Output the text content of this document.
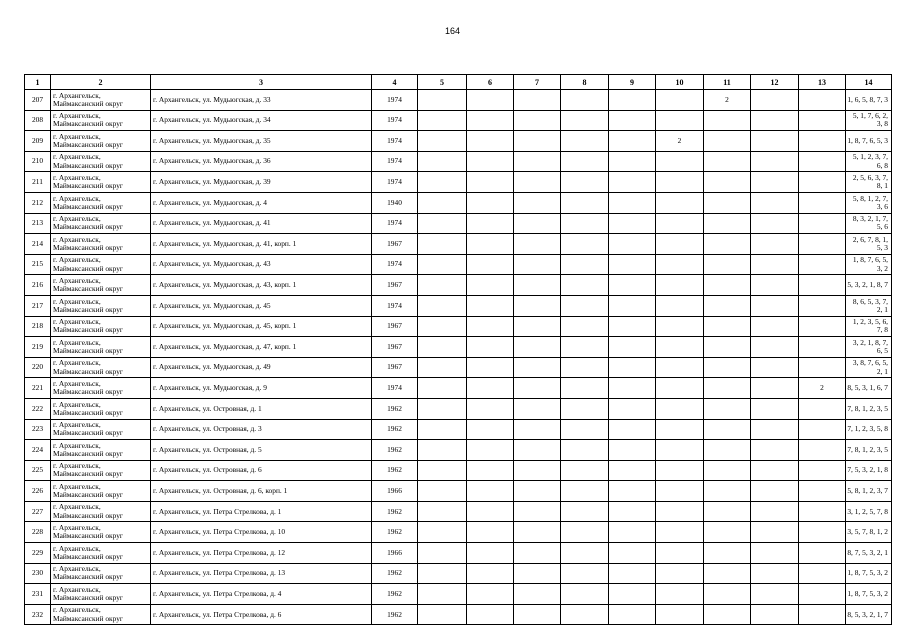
164
1	2	3	4	5	6	7	8	9	10	11	12	13	14
207	г. Архангельск, Маймаксанский округ	г. Архангельск, ул. Мудьюгская, д. 33	1974							2			1, 6, 5, 8, 7, 3
208	г. Архангельск, Маймаксанский округ	г. Архангельск, ул. Мудьюгская, д. 34	1974										5, 1, 7, 6, 2, 3, 8
209	г. Архангельск, Маймаксанский округ	г. Архангельск, ул. Мудьюгская, д. 35	1974						2				1, 8, 7, 6, 5, 3
210	г. Архангельск, Маймаксанский округ	г. Архангельск, ул. Мудьюгская, д. 36	1974										5, 1, 2, 3, 7, 6, 8
211	г. Архангельск, Маймаксанский округ	г. Архангельск, ул. Мудьюгская, д. 39	1974										2, 5, 6, 3, 7, 8, 1
212	г. Архангельск, Маймаксанский округ	г. Архангельск, ул. Мудьюгская, д. 4	1940										5, 8, 1, 2, 7, 3, 6
213	г. Архангельск, Маймаксанский округ	г. Архангельск, ул. Мудьюгская, д. 41	1974										8, 3, 2, 1, 7, 5, 6
214	г. Архангельск, Маймаксанский округ	г. Архангельск, ул. Мудьюгская, д. 41, корп. 1	1967										2, 6, 7, 8, 1, 5, 3
215	г. Архангельск, Маймаксанский округ	г. Архангельск, ул. Мудьюгская, д. 43	1974										1, 8, 7, 6, 5, 3, 2
216	г. Архангельск, Маймаксанский округ	г. Архангельск, ул. Мудьюгская, д. 43, корп. 1	1967										5, 3, 2, 1, 8, 7
217	г. Архангельск, Маймаксанский округ	г. Архангельск, ул. Мудьюгская, д. 45	1974										8, 6, 5, 3, 7, 2, 1
218	г. Архангельск, Маймаксанский округ	г. Архангельск, ул. Мудьюгская, д. 45, корп. 1	1967										1, 2, 3, 5, 6, 7, 8
219	г. Архангельск, Маймаксанский округ	г. Архангельск, ул. Мудьюгская, д. 47, корп. 1	1967										3, 2, 1, 8, 7, 6, 5
220	г. Архангельск, Маймаксанский округ	г. Архангельск, ул. Мудьюгская, д. 49	1967										3, 8, 7, 6, 5, 2, 1
221	г. Архангельск, Маймаксанский округ	г. Архангельск, ул. Мудьюгская, д. 9	1974									2	8, 5, 3, 1, 6, 7
222	г. Архангельск, Маймаксанский округ	г. Архангельск, ул. Островная, д. 1	1962										7, 8, 1, 2, 3, 5
223	г. Архангельск, Маймаксанский округ	г. Архангельск, ул. Островная, д. 3	1962										7, 1, 2, 3, 5, 8
224	г. Архангельск, Маймаксанский округ	г. Архангельск, ул. Островная, д. 5	1962										7, 8, 1, 2, 3, 5
225	г. Архангельск, Маймаксанский округ	г. Архангельск, ул. Островная, д. 6	1962										7, 5, 3, 2, 1, 8
226	г. Архангельск, Маймаксанский округ	г. Архангельск, ул. Островная, д. 6, корп. 1	1966										5, 8, 1, 2, 3, 7
227	г. Архангельск, Маймаксанский округ	г. Архангельск, ул. Петра Стрелкова, д. 1	1962										3, 1, 2, 5, 7, 8
228	г. Архангельск, Маймаксанский округ	г. Архангельск, ул. Петра Стрелкова, д. 10	1962										3, 5, 7, 8, 1, 2
229	г. Архангельск, Маймаксанский округ	г. Архангельск, ул. Петра Стрелкова, д. 12	1966										8, 7, 5, 3, 2, 1
230	г. Архангельск, Маймаксанский округ	г. Архангельск, ул. Петра Стрелкова, д. 13	1962										1, 8, 7, 5, 3, 2
231	г. Архангельск, Маймаксанский округ	г. Архангельск, ул. Петра Стрелкова, д. 4	1962										1, 8, 7, 5, 3, 2
232	г. Архангельск, Маймаксанский округ	г. Архангельск, ул. Петра Стрелкова, д. 6	1962										8, 5, 3, 2, 1, 7
